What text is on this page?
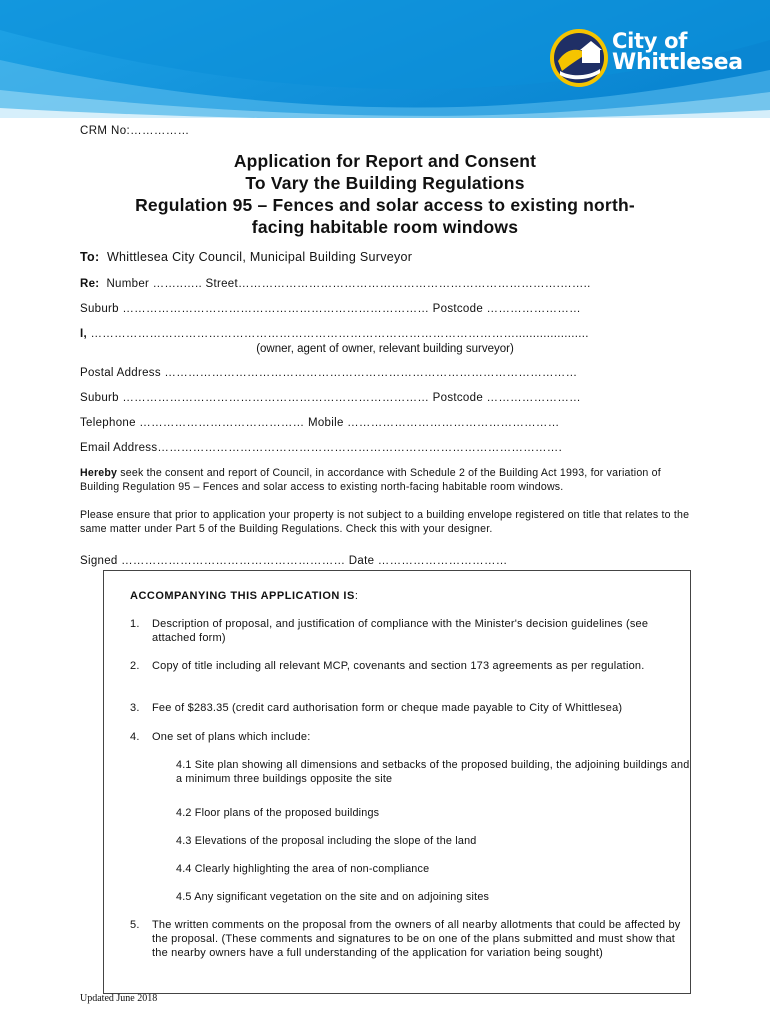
City of
Whittlesea
CRM No:……………
Application for Report and Consent
To Vary the Building Regulations
Regulation 95 – Fences and solar access to existing north-
facing habitable room windows
To: Whittlesea City Council, Municipal Building Surveyor
Re: Number ……..….. Street……………………………………………………………………….……..
Suburb …………………………………………………………………… Postcode ……………………
I, ……………………………………………………………………………………………….....................
(owner, agent of owner, relevant building surveyor)
Postal Address ……………………………………………………………………………………………
Suburb …………………………………………………………………… Postcode ……………………
Telephone …………………………………… Mobile ………………………………………………
Email Address………………………………………………………………………………………….
Hereby seek the consent and report of Council, in accordance with Schedule 2 of the Building Act 1993, for variation of Building Regulation 95 – Fences and solar access to existing north-facing habitable room windows.
Please ensure that prior to application your property is not subject to a building envelope registered on title that relates to the same matter under Part 5 of the Building Regulations. Check this with your designer.
Signed ………………………………………………… Date ……………………………
ACCOMPANYING THIS APPLICATION IS:
1. Description of proposal, and justification of compliance with the Minister's decision guidelines (see attached form)
2. Copy of title including all relevant MCP, covenants and section 173 agreements as per regulation.
3. Fee of $283.35 (credit card authorisation form or cheque made payable to City of Whittlesea)
4. One set of plans which include:
4.1 Site plan showing all dimensions and setbacks of the proposed building, the adjoining buildings and a minimum three buildings opposite the site
4.2 Floor plans of the proposed buildings
4.3 Elevations of the proposal including the slope of the land
4.4 Clearly highlighting the area of non-compliance
4.5 Any significant vegetation on the site and on adjoining sites
5. The written comments on the proposal from the owners of all nearby allotments that could be affected by the proposal. (These comments and signatures to be on one of the plans submitted and must show that the nearby owners have a full understanding of the application for variation being sought)
Updated June 2018
